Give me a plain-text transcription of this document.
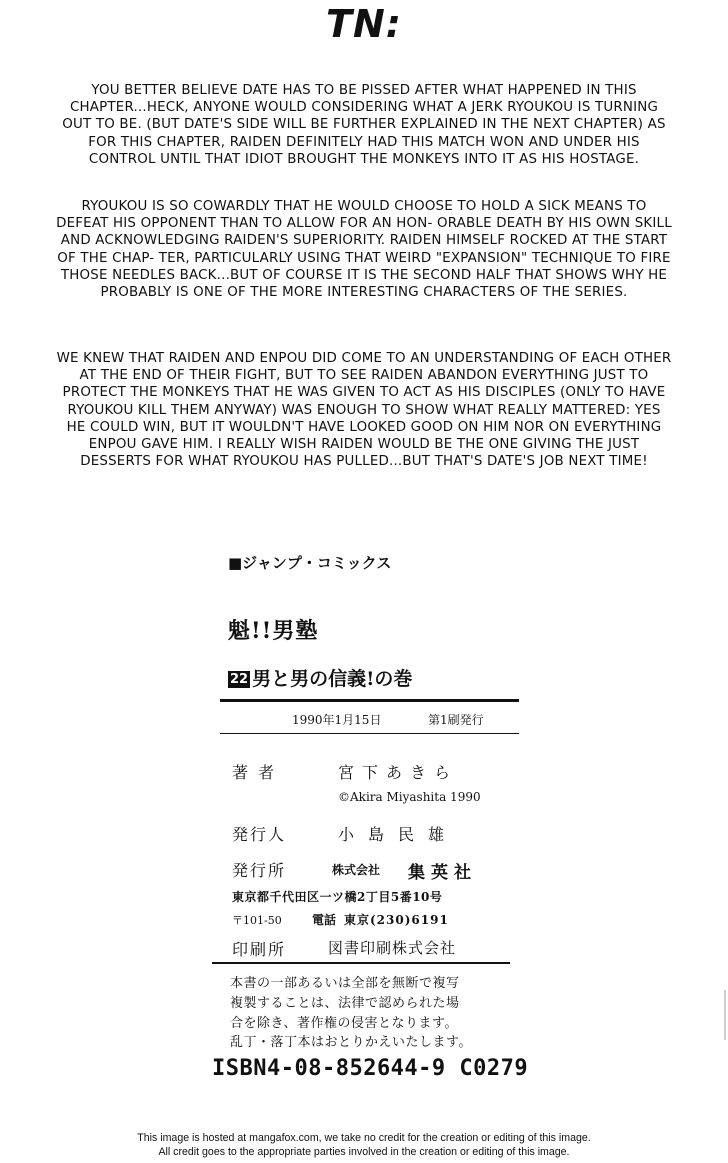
TN:

YOU BETTER BELIEVE DATE HAS TO BE PISSED AFTER WHAT HAPPENED IN THIS CHAPTER...HECK, ANYONE WOULD CONSIDERING WHAT A JERK RYOUKOU IS TURNING OUT TO BE. (BUT DATE'S SIDE WILL BE FURTHER EXPLAINED IN THE NEXT CHAPTER) AS FOR THIS CHAPTER, RAIDEN DEFINITELY HAD THIS MATCH WON AND UNDER HIS CONTROL UNTIL THAT IDIOT BROUGHT THE MONKEYS INTO IT AS HIS HOSTAGE.

RYOUKOU IS SO COWARDLY THAT HE WOULD CHOOSE TO HOLD A SICK MEANS TO DEFEAT HIS OPPONENT THAN TO ALLOW FOR AN HON- ORABLE DEATH BY HIS OWN SKILL AND ACKNOWLEDGING RAIDEN'S SUPERIORITY. RAIDEN HIMSELF ROCKED AT THE START OF THE CHAP- TER, PARTICULARLY USING THAT WEIRD "EXPANSION" TECHNIQUE TO FIRE THOSE NEEDLES BACK...BUT OF COURSE IT IS THE SECOND HALF THAT SHOWS WHY HE PROBABLY IS ONE OF THE MORE INTERESTING CHARACTERS OF THE SERIES.

WE KNEW THAT RAIDEN AND ENPOU DID COME TO AN UNDERSTANDING OF EACH OTHER AT THE END OF THEIR FIGHT, BUT TO SEE RAIDEN ABANDON EVERYTHING JUST TO PROTECT THE MONKEYS THAT HE WAS GIVEN TO ACT AS HIS DISCIPLES (ONLY TO HAVE RYOUKOU KILL THEM ANYWAY) WAS ENOUGH TO SHOW WHAT REALLY MATTERED: YES HE COULD WIN, BUT IT WOULDN'T HAVE LOOKED GOOD ON HIM NOR ON EVERYTHING ENPOU GAVE HIM. I REALLY WISH RAIDEN WOULD BE THE ONE GIVING THE JUST DESSERTS FOR WHAT RYOUKOU HAS PULLED...BUT THAT'S DATE'S JOB NEXT TIME!

■ジャンプ・コミックス
魁!!男塾
22 男と男の信義!の巻
1990年1月15日	第1刷発行
著者	宮下あきら
©Akira Miyashita 1990
発行人	小島民雄
発行所	株式会社 集英社
東京都千代田区一ツ橋2丁目5番10号
〒101-50	電話 東京(230)6191
印刷所	図書印刷株式会社
本書の一部あるいは全部を無断で複写
複製することは、法律で認められた場
合を除き、著作権の侵害となります。
乱丁・落丁本はおとりかえいたします。
ISBN4-08-852644-9 C0279
This image is hosted at mangafox.com, we take no credit for the creation or editing of this image.
All credit goes to the appropriate parties involved in the creation or editing of this image.
